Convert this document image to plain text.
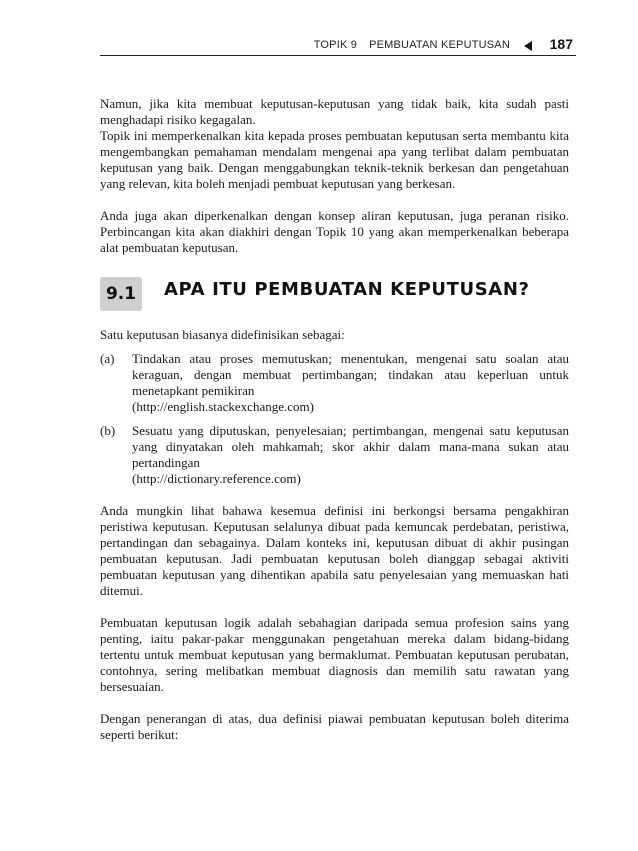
TOPIK 9 PEMBUATAN KEPUTUSAN	187

Namun, jika kita membuat keputusan-keputusan yang tidak baik, kita sudah pasti menghadapi risiko kegagalan.

Topik ini memperkenalkan kita kepada proses pembuatan keputusan serta membantu kita mengembangkan pemahaman mendalam mengenai apa yang terlibat dalam pembuatan keputusan yang baik. Dengan menggabungkan teknik-teknik berkesan dan pengetahuan yang relevan, kita boleh menjadi pembuat keputusan yang berkesan.

Anda juga akan diperkenalkan dengan konsep aliran keputusan, juga peranan risiko. Perbincangan kita akan diakhiri dengan Topik 10 yang akan memperkenalkan beberapa alat pembuatan keputusan.

9.1	APA ITU PEMBUATAN KEPUTUSAN?

Satu keputusan biasanya didefinisikan sebagai:

(a)	Tindakan atau proses memutuskan; menentukan, mengenai satu soalan atau keraguan, dengan membuat pertimbangan; tindakan atau keperluan untuk menetapkant pemikiran
(http://english.stackexchange.com)
(b)	Sesuatu yang diputuskan, penyelesaian; pertimbangan, mengenai satu keputusan yang dinyatakan oleh mahkamah; skor akhir dalam mana-mana sukan atau pertandingan
(http://dictionary.reference.com)

Anda mungkin lihat bahawa kesemua definisi ini berkongsi bersama pengakhiran peristiwa keputusan. Keputusan selalunya dibuat pada kemuncak perdebatan, peristiwa, pertandingan dan sebagainya. Dalam konteks ini, keputusan dibuat di akhir pusingan pembuatan keputusan. Jadi pembuatan keputusan boleh dianggap sebagai aktiviti pembuatan keputusan yang dihentikan apabila satu penyelesaian yang memuaskan hati ditemui.

Pembuatan keputusan logik adalah sebahagian daripada semua profesion sains yang penting, iaitu pakar-pakar menggunakan pengetahuan mereka dalam bidang-bidang tertentu untuk membuat keputusan yang bermaklumat. Pembuatan keputusan perubatan, contohnya, sering melibatkan membuat diagnosis dan memilih satu rawatan yang bersesuaian.

Dengan penerangan di atas, dua definisi piawai pembuatan keputusan boleh diterima seperti berikut:
